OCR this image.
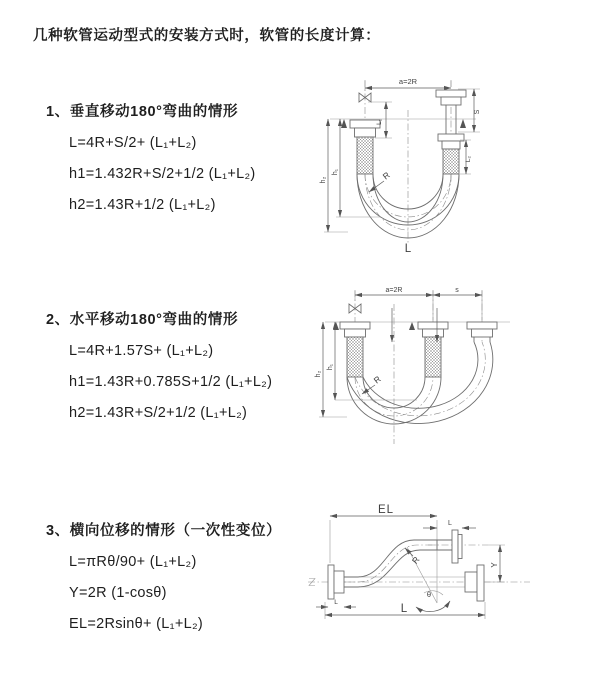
几种软管运动型式的安装方式时，软管的长度计算：
1、垂直移动180°弯曲的情形
L=4R+S/2+ (L₁+L₂)
h1=1.432R+S/2+1/2 (L₁+L₂)
h2=1.43R+1/2 (L₁+L₂)
2、水平移动180°弯曲的情形
L=4R+1.57S+ (L₁+L₂)
h1=1.43R+0.785S+1/2 (L₁+L₂)
h2=1.43R+S/2+1/2 (L₁+L₂)
3、横向位移的情形（一次性变位）
L=πRθ/90+ (L₁+L₂)
Y=2R (1-cosθ)
EL=2Rsinθ+ (L₁+L₂)
a=2R
h₂
h₁
L₁
S
L₂
R
L
a=2R	s
h₂
h₁
R
EL
L
L
Y
θ
R
L
